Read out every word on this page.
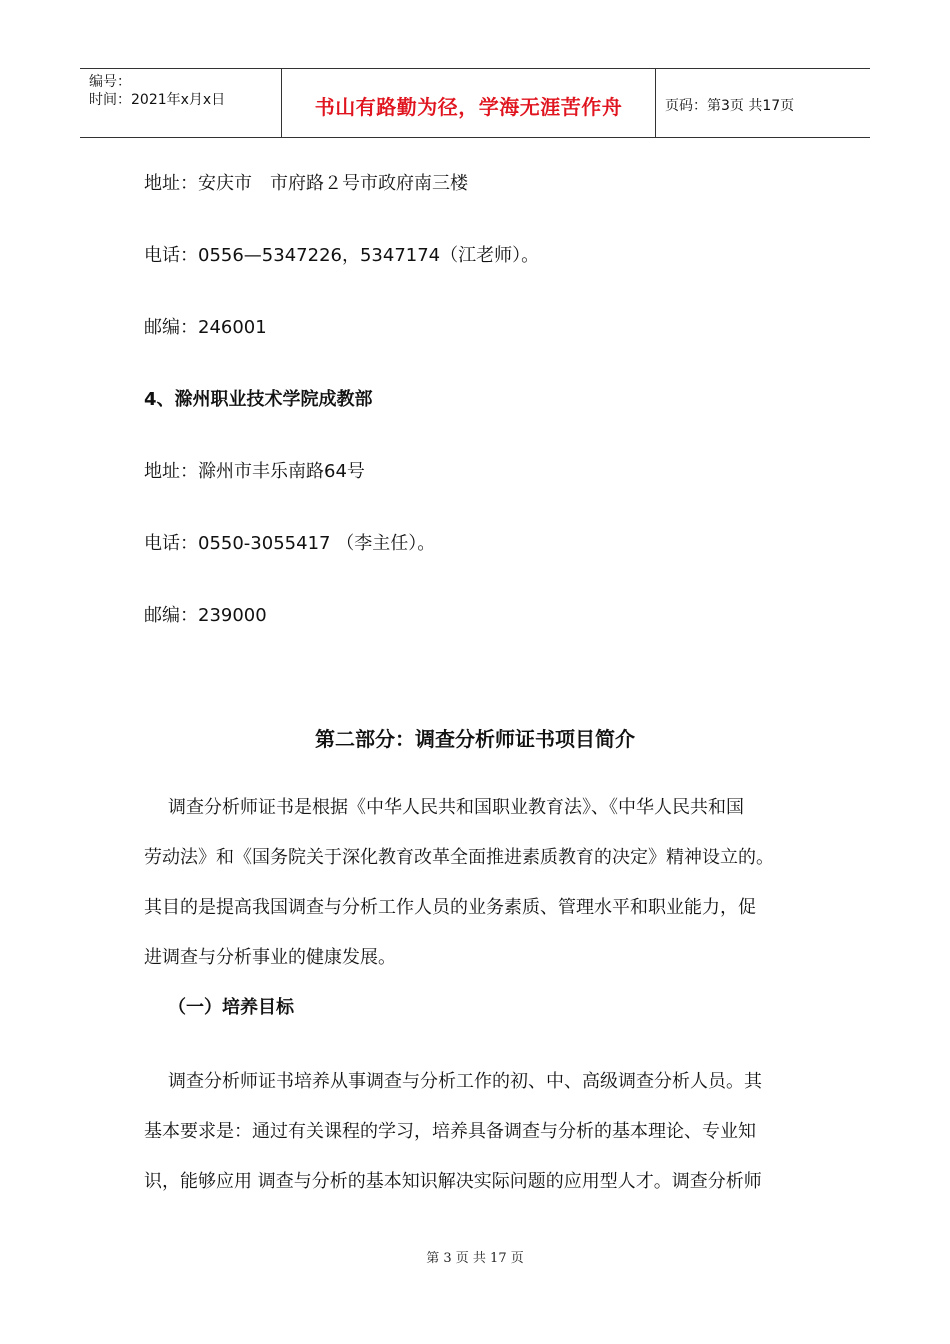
编号：
时间：2021年x月x日	书山有路勤为径，学海无涯苦作舟	页码：第3页 共17页
地址：安庆市　市府路２号市政府南三楼
电话：0556—5347226，5347174（江老师）。
邮编：246001
4、滁州职业技术学院成教部
地址：滁州市丰乐南路64号
电话：0550-3055417 （李主任）。
邮编：239000
第二部分：调查分析师证书项目简介
调查分析师证书是根据《中华人民共和国职业教育法》、《中华人民共和国
劳动法》和《国务院关于深化教育改革全面推进素质教育的决定》精神设立的。
其目的是提高我国调查与分析工作人员的业务素质、管理水平和职业能力，促
进调查与分析事业的健康发展。
（一）培养目标
调查分析师证书培养从事调查与分析工作的初、中、高级调查分析人员。其
基本要求是：通过有关课程的学习，培养具备调查与分析的基本理论、专业知
识，能够应用 调查与分析的基本知识解决实际问题的应用型人才。调查分析师
第 3 页 共 17 页
